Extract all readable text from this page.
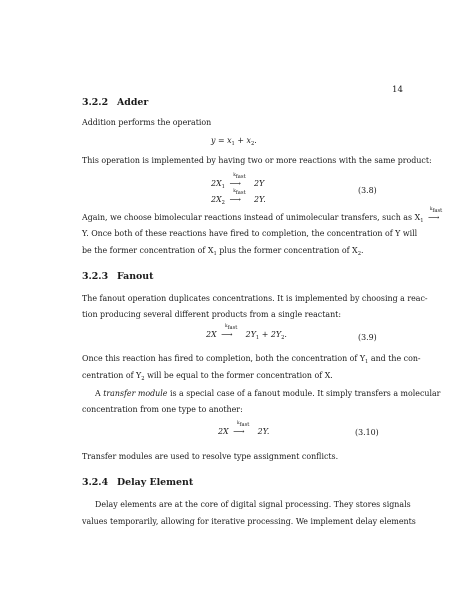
14
3.2.2 Adder
Addition performs the operation
$y = x_1 + x_2$.
This operation is implemented by having two or more reactions with the same product:
$2X_1$
$k_{fast}$
⟶ 2Y
(3.8)
$2X_2$
$k_{fast}$
⟶ 2Y.
Again, we choose bimolecular reactions instead of unimolecular transfers, such as $X_1$
$k_{fast}$
⟶
Y. Once both of these reactions have fired to completion, the concentration of Y will
be the former concentration of $X_1$ plus the former concentration of $X_2$.
3.2.3 Fanout
The fanout operation duplicates concentrations. It is implemented by choosing a reac-
tion producing several different products from a single reactant:
2X
$k_{fast}$
⟶ $2Y_1 + 2Y_2$.	(3.9)
Once this reaction has fired to completion, both the concentration of $Y_1$ and the con-
centration of $Y_2$ will be equal to the former concentration of X.
A transfer module is a special case of a fanout module. It simply transfers a molecular
concentration from one type to another:
2X
$k_{fast}$
⟶ 2Y.	(3.10)
Transfer modules are used to resolve type assignment conflicts.
3.2.4 Delay Element
Delay elements are at the core of digital signal processing. They stores signals
values temporarily, allowing for iterative processing. We implement delay elements
